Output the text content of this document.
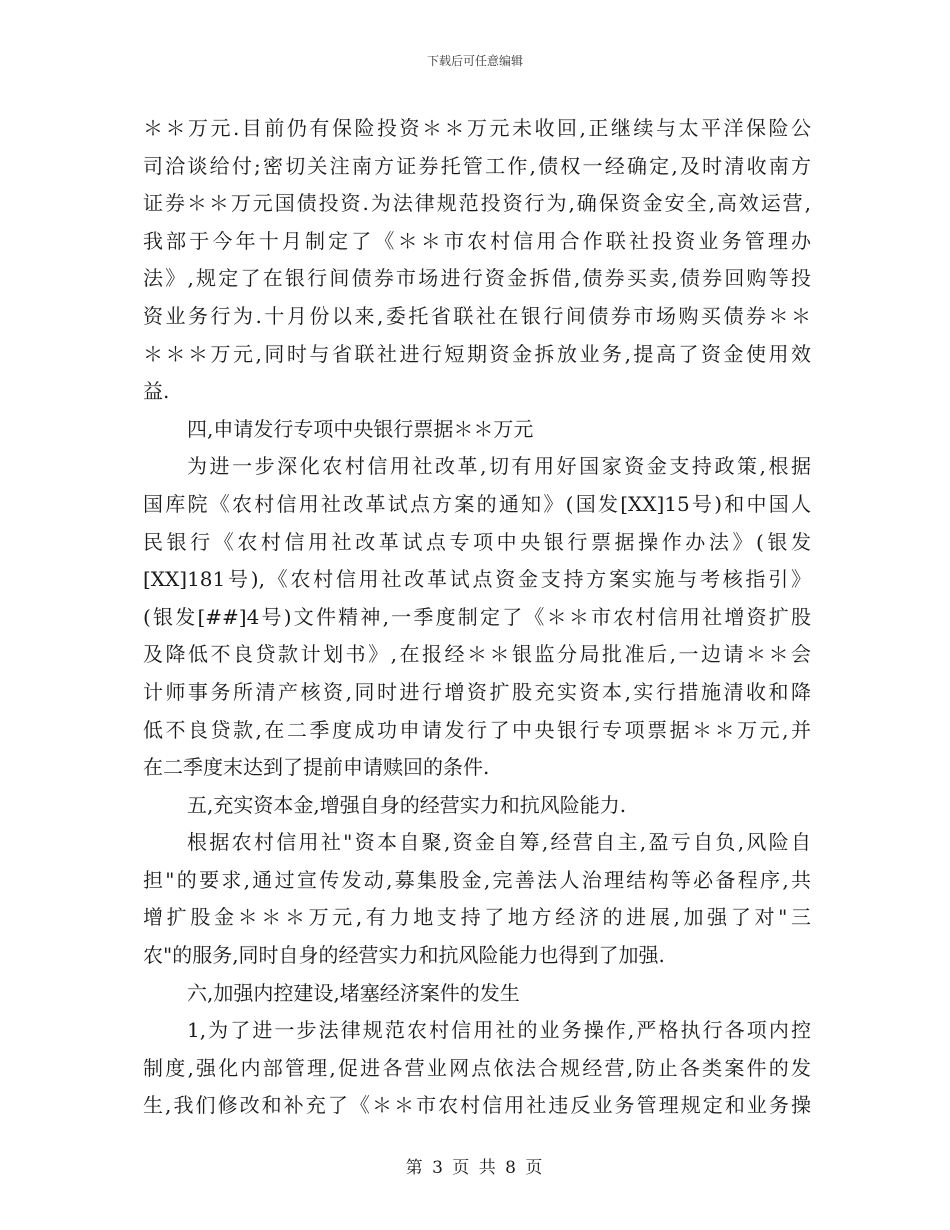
下载后可任意编辑
＊＊万元.目前仍有保险投资＊＊万元未收回,正继续与太平洋保险公
司洽谈给付;密切关注南方证券托管工作,债权一经确定,及时清收南方
证券＊＊万元国债投资.为法律规范投资行为,确保资金安全,高效运营,
我部于今年十月制定了《＊＊市农村信用合作联社投资业务管理办
法》,规定了在银行间债券市场进行资金拆借,债券买卖,债券回购等投
资业务行为.十月份以来,委托省联社在银行间债券市场购买债券＊＊
＊＊＊万元,同时与省联社进行短期资金拆放业务,提高了资金使用效
益.
四,申请发行专项中央银行票据＊＊万元
为进一步深化农村信用社改革,切有用好国家资金支持政策,根据
国库院《农村信用社改革试点方案的通知》(国发[XX]15号)和中国人
民银行《农村信用社改革试点专项中央银行票据操作办法》(银发
[XX]181号),《农村信用社改革试点资金支持方案实施与考核指引》
(银发[##]4号)文件精神,一季度制定了《＊＊市农村信用社增资扩股
及降低不良贷款计划书》,在报经＊＊银监分局批准后,一边请＊＊会
计师事务所清产核资,同时进行增资扩股充实资本,实行措施清收和降
低不良贷款,在二季度成功申请发行了中央银行专项票据＊＊万元,并
在二季度末达到了提前申请赎回的条件.
五,充实资本金,增强自身的经营实力和抗风险能力.
根据农村信用社"资本自聚,资金自筹,经营自主,盈亏自负,风险自
担"的要求,通过宣传发动,募集股金,完善法人治理结构等必备程序,共
增扩股金＊＊＊万元,有力地支持了地方经济的进展,加强了对"三
农"的服务,同时自身的经营实力和抗风险能力也得到了加强.
六,加强内控建设,堵塞经济案件的发生
1,为了进一步法律规范农村信用社的业务操作,严格执行各项内控
制度,强化内部管理,促进各营业网点依法合规经营,防止各类案件的发
生,我们修改和补充了《＊＊市农村信用社违反业务管理规定和业务操
第 3 页 共 8 页
